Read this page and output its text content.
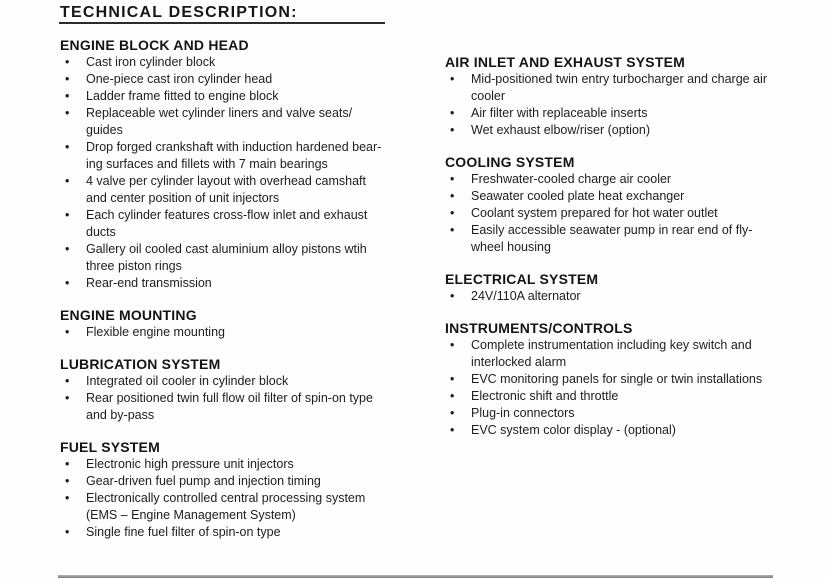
TECHNICAL DESCRIPTION:
ENGINE BLOCK AND HEAD
• Cast iron cylinder block
• One-piece cast iron cylinder head
• Ladder frame fitted to engine block
• Replaceable wet cylinder liners and valve seats/
guides
• Drop forged crankshaft with induction hardened bear-
ing surfaces and fillets with 7 main bearings
• 4 valve per cylinder layout with overhead camshaft
and center position of unit injectors
• Each cylinder features cross-flow inlet and exhaust
ducts
• Gallery oil cooled cast aluminium alloy pistons wtih
three piston rings
• Rear-end transmission
ENGINE MOUNTING
• Flexible engine mounting
LUBRICATION SYSTEM
• Integrated oil cooler in cylinder block
• Rear positioned twin full flow oil filter of spin-on type
and by-pass
FUEL SYSTEM
• Electronic high pressure unit injectors
• Gear-driven fuel pump and injection timing
• Electronically controlled central processing system
(EMS – Engine Management System)
• Single fine fuel filter of spin-on type
AIR INLET AND EXHAUST SYSTEM
• Mid-positioned twin entry turbocharger and charge air
cooler
• Air filter with replaceable inserts
• Wet exhaust elbow/riser (option)
COOLING SYSTEM
• Freshwater-cooled charge air cooler
• Seawater cooled plate heat exchanger
• Coolant system prepared for hot water outlet
• Easily accessible seawater pump in rear end of fly-
wheel housing
ELECTRICAL SYSTEM
• 24V/110A alternator
INSTRUMENTS/CONTROLS
• Complete instrumentation including key switch and
interlocked alarm
• EVC monitoring panels for single or twin installations
• Electronic shift and throttle
• Plug-in connectors
• EVC system color display - (optional)
